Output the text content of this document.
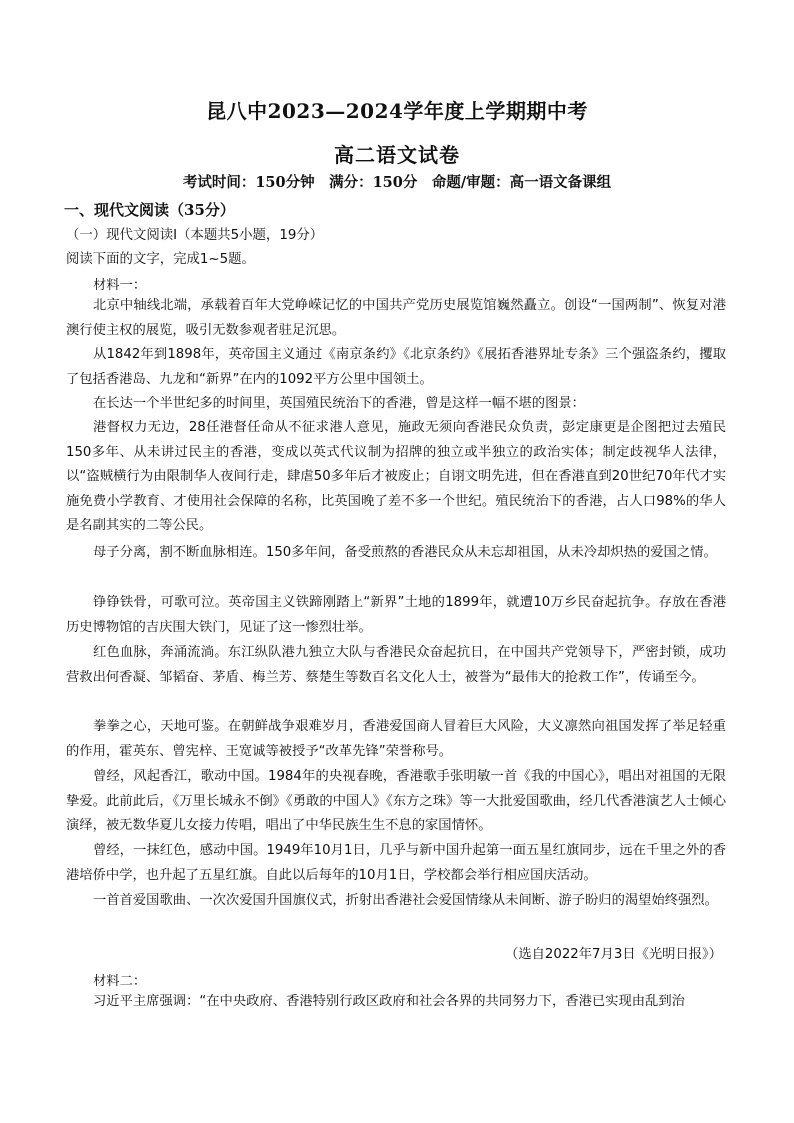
昆八中2023—2024学年度上学期期中考
高二语文试卷
考试时间：150分钟　满分：150分　命题/审题：高一语文备课组
一、现代文阅读（35分）
（一）现代文阅读Ⅰ（本题共5小题，19分）
阅读下面的文字，完成1~5题。
材料一：

北京中轴线北端，承载着百年大党峥嵘记忆的中国共产党历史展览馆巍然矗立。创设“一国两制”、恢复对港澳行使主权的展览，吸引无数参观者驻足沉思。

从1842年到1898年，英帝国主义通过《南京条约》《北京条约》《展拓香港界址专条》三个强盗条约，攫取了包括香港岛、九龙和“新界”在内的1092平方公里中国领土。

在长达一个半世纪多的时间里，英国殖民统治下的香港，曾是这样一幅不堪的图景：

港督权力无边，28任港督任命从不征求港人意见，施政无须向香港民众负责，彭定康更是企图把过去殖民150多年、从未讲过民主的香港，变成以英式代议制为招牌的独立或半独立的政治实体；制定歧视华人法律，以“盗贼横行为由限制华人夜间行走，肆虐50多年后才被废止；自诩文明先进，但在香港直到20世纪70年代才实施免费小学教育、才使用社会保障的名称，比英国晚了差不多一个世纪。殖民统治下的香港，占人口98%的华人是名副其实的二等公民。

母子分离，割不断血脉相连。150多年间，备受煎熬的香港民众从未忘却祖国，从未冷却炽热的爱国之情。

铮铮铁骨，可歌可泣。英帝国主义铁蹄刚踏上“新界”土地的1899年，就遭10万乡民奋起抗争。存放在香港历史博物馆的吉庆围大铁门，见证了这一惨烈壮举。

红色血脉，奔涌流淌。东江纵队港九独立大队与香港民众奋起抗日，在中国共产党领导下，严密封锁，成功营救出何香凝、邹韬奋、茅盾、梅兰芳、蔡楚生等数百名文化人士，被誉为“最伟大的抢救工作”，传诵至今。

拳拳之心，天地可鉴。在朝鲜战争艰难岁月，香港爱国商人冒着巨大风险，大义凛然向祖国发挥了举足轻重的作用，霍英东、曾宪梓、王宽诚等被授予“改革先锋”荣誉称号。

曾经，风起香江，歌动中国。1984年的央视春晚，香港歌手张明敏一首《我的中国心》，唱出对祖国的无限挚爱。此前此后，《万里长城永不倒》《勇敢的中国人》《东方之珠》等一大批爱国歌曲，经几代香港演艺人士倾心演绎，被无数华夏儿女接力传唱，唱出了中华民族生生不息的家国情怀。

曾经，一抹红色，感动中国。1949年10月1日，几乎与新中国升起第一面五星红旗同步，远在千里之外的香港培侨中学，也升起了五星红旗。自此以后每年的10月1日，学校都会举行相应国庆活动。

一首首爱国歌曲、一次次爱国升国旗仪式，折射出香港社会爱国情缘从未间断、游子盼归的渴望始终强烈。

（选自2022年7月3日《光明日报》）
材料二：

习近平主席强调：“在中央政府、香港特别行政区政府和社会各界的共同努力下，香港已实现由乱到治
